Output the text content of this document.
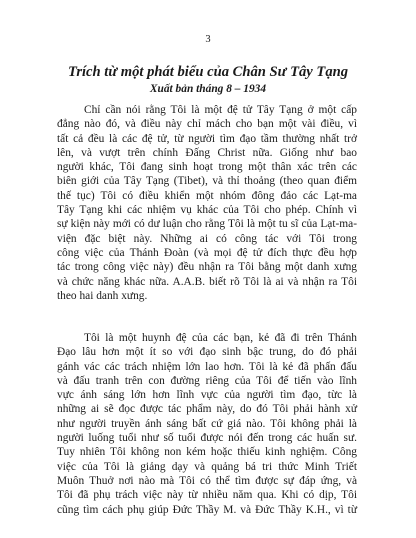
3
Trích từ một phát biểu của Chân Sư Tây Tạng
Xuất bản tháng 8 – 1934
Chỉ cần nói rằng Tôi là một đệ tử Tây Tạng ở một cấp
đẳng nào đó, và điều này chỉ mách cho bạn một vài điều, vì
tất cả đều là các đệ tử, từ người tìm đạo tầm thường nhất trở
lên, và vượt trên chính Đấng Christ nữa. Giống như bao
người khác, Tôi đang sinh hoạt trong một thân xác trên các
biên giới của Tây Tạng (Tibet), và thỉ thoảng (theo quan điểm
thế tục) Tôi có điều khiển một nhóm đông đảo các Lạt-ma
Tây Tạng khi các nhiệm vụ khác của Tôi cho phép. Chính vì
sự kiện này mới có dư luận cho rằng Tôi là một tu sĩ của Lạt-ma-
viện đặc biệt này. Những ai có công tác với Tôi trong
công việc của Thánh Đoàn (và mọi đệ tử đích thực đều hợp
tác trong công việc này) đều nhận ra Tôi bằng một danh xưng
và chức năng khác nữa. A.A.B. biết rõ Tôi là ai và nhận ra Tôi
theo hai danh xưng.
Tôi là một huynh đệ của các bạn, kẻ đã đi trên Thánh
Đạo lâu hơn một ít so với đạo sinh bậc trung, do đó phải
gánh vác các trách nhiệm lớn lao hơn. Tôi là kẻ đã phấn đấu
và đấu tranh trên con đường riêng của Tôi để tiến vào lĩnh
vực ánh sáng lớn hơn lĩnh vực của người tìm đạo, từc là
những ai sẽ đọc được tác phẩm này, do đó Tôi phải hành xử
như người truyền ánh sáng bất cứ giá nào. Tôi không phải là
người luống tuổi như số tuổi được nói đến trong các huấn sư.
Tuy nhiên Tôi không non kém hoặc thiếu kinh nghiệm. Công
việc của Tôi là giảng dạy và quảng bá tri thức Minh Triết
Muôn Thuở nơi nào mà Tôi có thể tìm được sự đáp ứng, và
Tôi đã phụ trách việc này từ nhiều năm qua. Khi có dịp, Tôi
cũng tìm cách phụ giúp Đức Thầy M. và Đức Thầy K.H., vì từ
